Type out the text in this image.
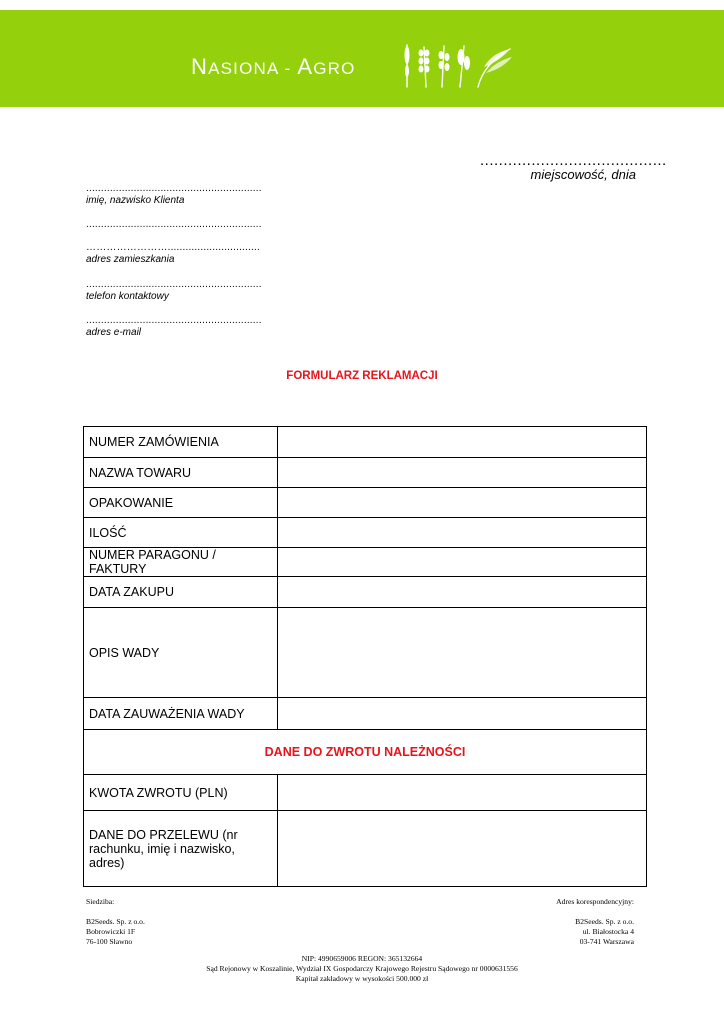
NASIONA - AGRO
........................................
miejscowość, dnia
...........................................................
imię, nazwisko Klienta
...........................................................
……………………...............................
adres zamieszkania
...........................................................
telefon kontaktowy
...........................................................
adres e-mail
FORMULARZ REKLAMACJI
NUMER ZAMÓWIENIA	
NAZWA TOWARU	
OPAKOWANIE	
ILOŚĆ	
NUMER PARAGONU / FAKTURY	
DATA ZAKUPU	
OPIS WADY	
DATA ZAUWAŻENIA WADY	
DANE DO ZWROTU NALEŻNOŚCI	
KWOTA ZWROTU (PLN)	
DANE DO PRZELEWU (nr rachunku, imię i nazwisko, adres)	
Siedziba:

B2Seeds. Sp. z o.o.
Bobrowiczki 1F
76-100 Sławno
Adres korespondencyjny:

B2Seeds. Sp. z o.o.
ul. Białostocka 4
03-741 Warszawa
NIP: 4990659006 REGON: 365132664
Sąd Rejonowy w Koszalinie, Wydział IX Gospodarczy Krajowego Rejestru Sądowego nr 0000631556
Kapitał zakładowy w wysokości 500.000 zł
